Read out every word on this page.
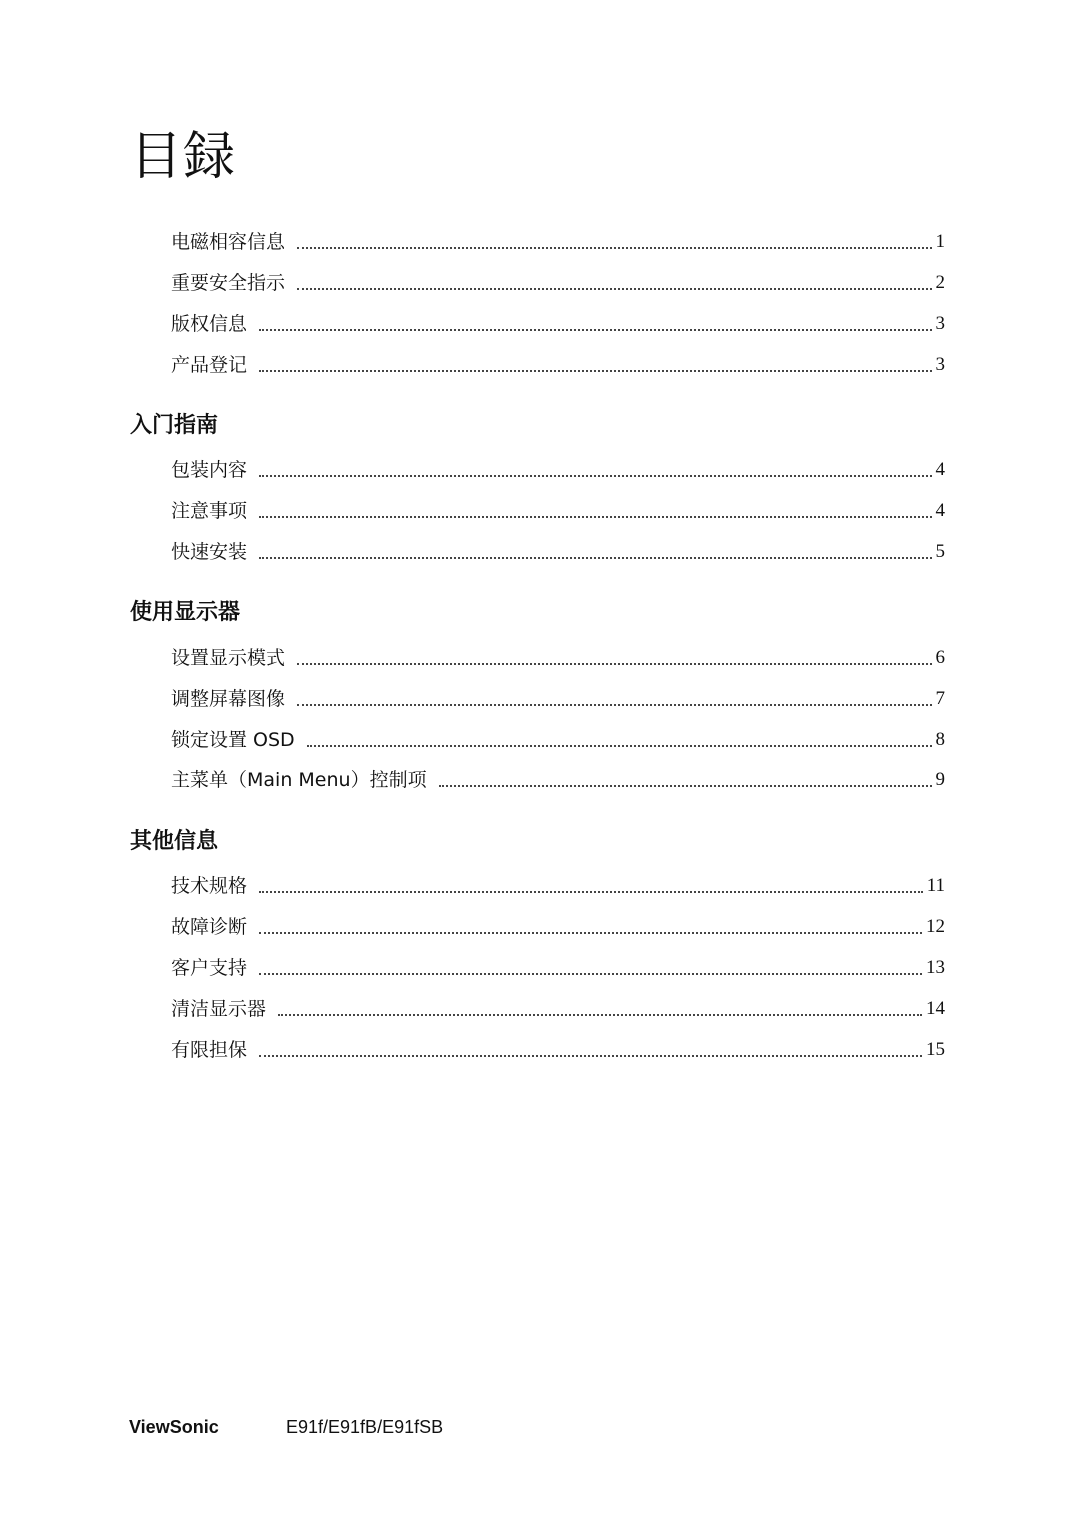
目録
电磁相容信息	1
重要安全指示	2
版权信息	3
产品登记	3
入门指南
包装内容	4
注意事项	4
快速安装	5
使用显示器
设置显示模式	6
调整屏幕图像	7
锁定设置 OSD	8
主菜单（Main Menu）控制项	9
其他信息
技术规格	11
故障诊断	12
客户支持	13
清洁显示器	14
有限担保	15
ViewSonic	E91f/E91fB/E91fSB
